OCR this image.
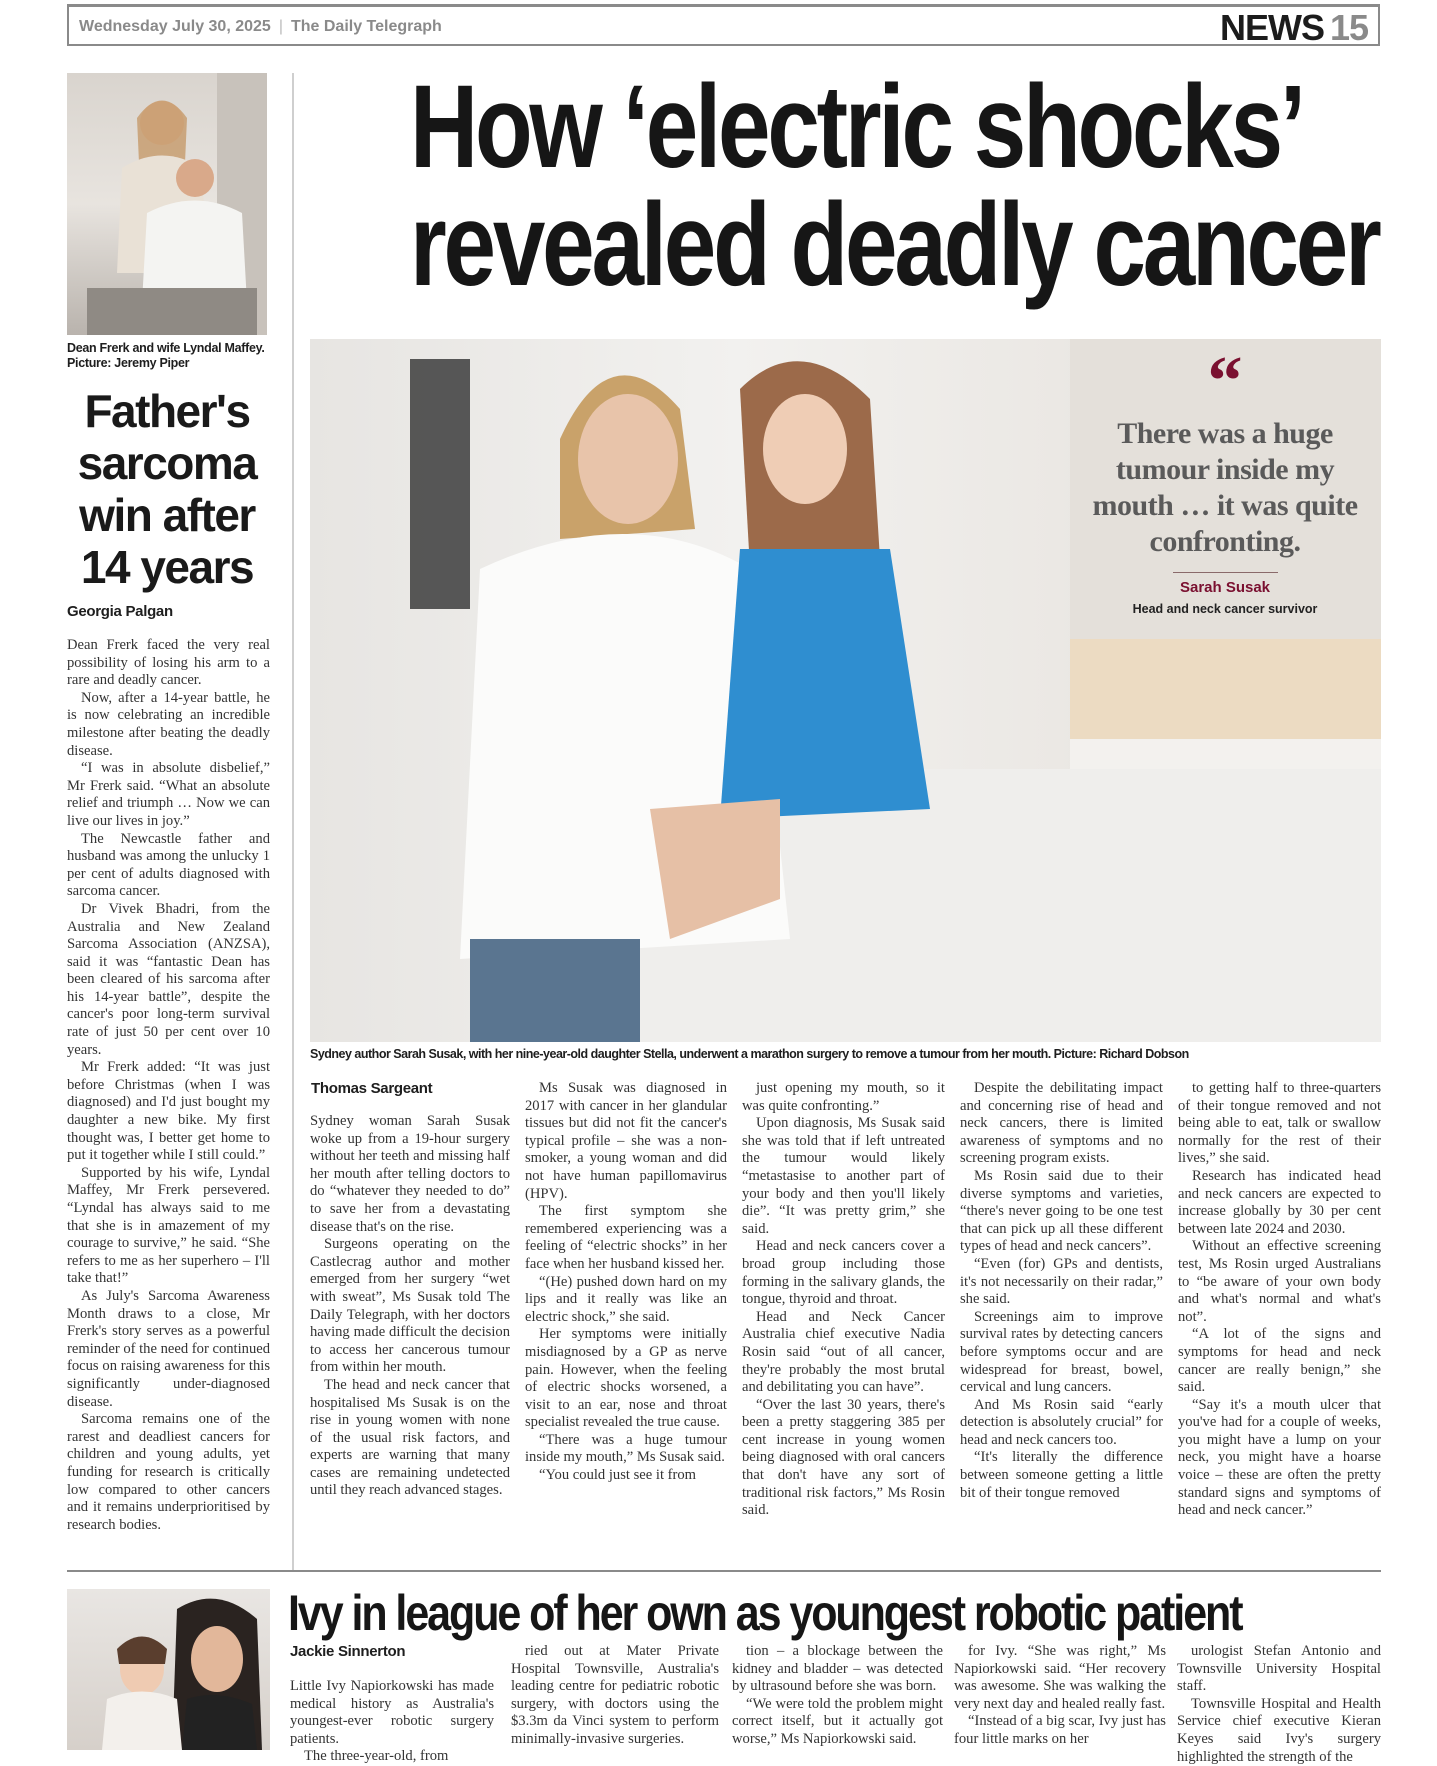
Wednesday July 30, 2025 | The Daily Telegraph	NEWS 15
Dean Frerk and wife Lyndal Maffey. Picture: Jeremy Piper
Father's sarcoma win after 14 years
Georgia Palgan

Dean Frerk faced the very real possibility of losing his arm to a rare and deadly cancer.

Now, after a 14-year battle, he is now celebrating an incredible milestone after beating the deadly disease.

“I was in absolute disbelief,” Mr Frerk said. “What an absolute relief and triumph … Now we can live our lives in joy.”

The Newcastle father and husband was among the unlucky 1 per cent of adults diagnosed with sarcoma cancer.

Dr Vivek Bhadri, from the Australia and New Zealand Sarcoma Association (ANZSA), said it was “fantastic Dean has been cleared of his sarcoma after his 14-year battle”, despite the cancer's poor long-term survival rate of just 50 per cent over 10 years.

Mr Frerk added: “It was just before Christmas (when I was diagnosed) and I'd just bought my daughter a new bike. My first thought was, I better get home to put it together while I still could.”

Supported by his wife, Lyndal Maffey, Mr Frerk persevered. “Lyndal has always said to me that she is in amazement of my courage to survive,” he said. “She refers to me as her superhero – I'll take that!”

As July's Sarcoma Awareness Month draws to a close, Mr Frerk's story serves as a powerful reminder of the need for continued focus on raising awareness for this significantly under-diagnosed disease.

Sarcoma remains one of the rarest and deadliest cancers for children and young adults, yet funding for research is critically low compared to other cancers and it remains underprioritised by research bodies.

How ‘electric shocks’
revealed deadly cancer
“
There was a huge tumour inside my mouth … it was quite confronting.
Sarah Susak
Head and neck cancer survivor
Sydney author Sarah Susak, with her nine-year-old daughter Stella, underwent a marathon surgery to remove a tumour from her mouth. Picture: Richard Dobson
Thomas Sargeant

Sydney woman Sarah Susak woke up from a 19-hour surgery without her teeth and missing half her mouth after telling doctors to do “whatever they needed to do” to save her from a devastating disease that's on the rise.

Surgeons operating on the Castlecrag author and mother emerged from her surgery “wet with sweat”, Ms Susak told The Daily Telegraph, with her doctors having made difficult the decision to access her cancerous tumour from within her mouth.

The head and neck cancer that hospitalised Ms Susak is on the rise in young women with none of the usual risk factors, and experts are warning that many cases are remaining undetected until they reach advanced stages.

Ms Susak was diagnosed in 2017 with cancer in her glandular tissues but did not fit the cancer's typical profile – she was a non-smoker, a young woman and did not have human papillomavirus (HPV).

The first symptom she remembered experiencing was a feeling of “electric shocks” in her face when her husband kissed her.

“(He) pushed down hard on my lips and it really was like an electric shock,” she said.

Her symptoms were initially misdiagnosed by a GP as nerve pain. However, when the feeling of electric shocks worsened, a visit to an ear, nose and throat specialist revealed the true cause.

“There was a huge tumour inside my mouth,” Ms Susak said.

“You could just see it from

just opening my mouth, so it was quite confronting.”

Upon diagnosis, Ms Susak said she was told that if left untreated the tumour would likely “metastasise to another part of your body and then you'll likely die”. “It was pretty grim,” she said.

Head and neck cancers cover a broad group including those forming in the salivary glands, the tongue, thyroid and throat.

Head and Neck Cancer Australia chief executive Nadia Rosin said “out of all cancer, they're probably the most brutal and debilitating you can have”.

“Over the last 30 years, there's been a pretty staggering 385 per cent increase in young women being diagnosed with oral cancers that don't have any sort of traditional risk factors,” Ms Rosin said.

Despite the debilitating impact and concerning rise of head and neck cancers, there is limited awareness of symptoms and no screening program exists.

Ms Rosin said due to their diverse symptoms and varieties, “there's never going to be one test that can pick up all these different types of head and neck cancers”.

“Even (for) GPs and dentists, it's not necessarily on their radar,” she said.

Screenings aim to improve survival rates by detecting cancers before symptoms occur and are widespread for breast, bowel, cervical and lung cancers.

And Ms Rosin said “early detection is absolutely crucial” for head and neck cancers too.

“It's literally the difference between someone getting a little bit of their tongue removed

to getting half to three-quarters of their tongue removed and not being able to eat, talk or swallow normally for the rest of their lives,” she said.

Research has indicated head and neck cancers are expected to increase globally by 30 per cent between late 2024 and 2030.

Without an effective screening test, Ms Rosin urged Australians to “be aware of your own body and what's normal and what's not”.

“A lot of the signs and symptoms for head and neck cancer are really benign,” she said.

“Say it's a mouth ulcer that you've had for a couple of weeks, you might have a lump on your neck, you might have a hoarse voice – these are often the pretty standard signs and symptoms of head and neck cancer.”

Ivy in league of her own as youngest robotic patient
Jackie Sinnerton

Little Ivy Napiorkowski has made medical history as Australia's youngest-ever robotic surgery patients.

The three-year-old, from

ried out at Mater Private Hospital Townsville, Australia's leading centre for pediatric robotic surgery, with doctors using the $3.3m da Vinci system to perform minimally-invasive surgeries.

tion – a blockage between the kidney and bladder – was detected by ultrasound before she was born.

“We were told the problem might correct itself, but it actually got worse,” Ms Napiorkowski said.

for Ivy. “She was right,” Ms Napiorkowski said. “Her recovery was awesome. She was walking the very next day and healed really fast.

“Instead of a big scar, Ivy just has four little marks on her

urologist Stefan Antonio and Townsville University Hospital staff.

Townsville Hospital and Health Service chief executive Kieran Keyes said Ivy's surgery highlighted the strength of the
